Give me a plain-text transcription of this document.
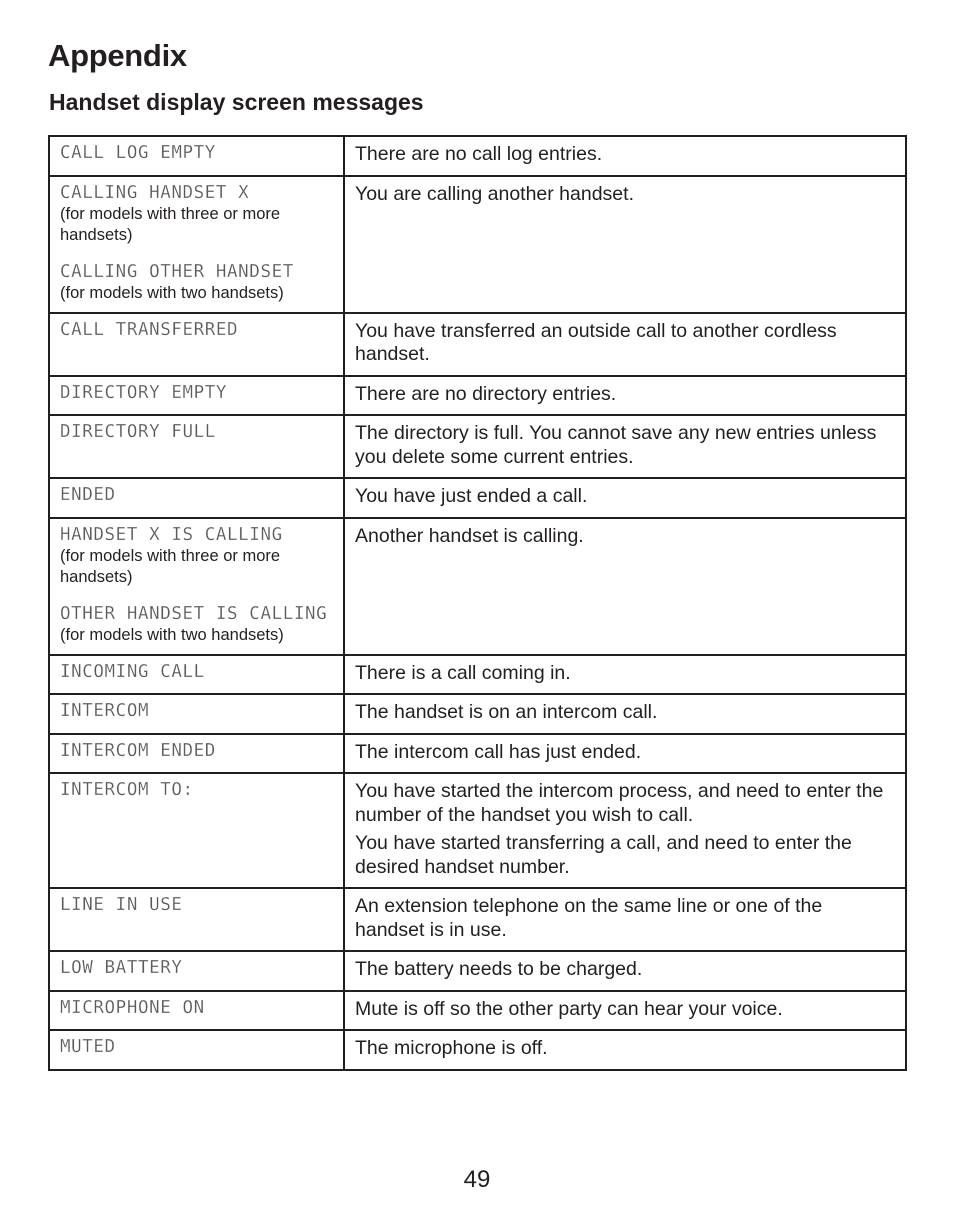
Appendix
Handset display screen messages
CALL LOG EMPTY	There are no call log entries.

CALLING HANDSET X
(for models with three or more handsets)
CALLING OTHER HANDSET
(for models with two handsets)	You are calling another handset.

CALL TRANSFERRED	You have transferred an outside call to another cordless handset.

DIRECTORY EMPTY	There are no directory entries.

DIRECTORY FULL	The directory is full. You cannot save any new entries unless you delete some current entries.

ENDED	You have just ended a call.

HANDSET X IS CALLING
(for models with three or more handsets)
OTHER HANDSET IS CALLING
(for models with two handsets)	Another handset is calling.

INCOMING CALL	There is a call coming in.

INTERCOM	The handset is on an intercom call.

INTERCOM ENDED	The intercom call has just ended.

INTERCOM TO:	You have started the intercom process, and need to enter the number of the handset you wish to call.
You have started transferring a call, and need to enter the desired handset number.

LINE IN USE	An extension telephone on the same line or one of the handset is in use.

LOW BATTERY	The battery needs to be charged.

MICROPHONE ON	Mute is off so the other party can hear your voice.

MUTED	The microphone is off.
49
